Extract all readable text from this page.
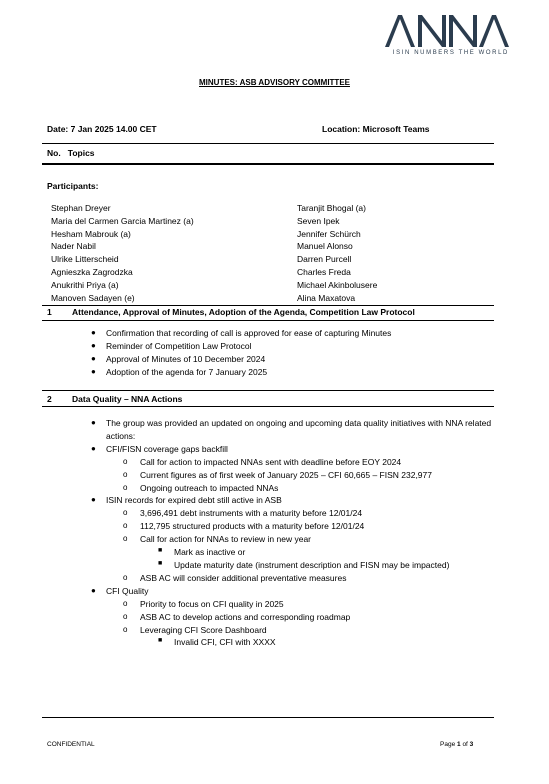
ISIN NUMBERS THE WORLD
MINUTES: ASB ADVISORY COMMITTEE
Date: 7 Jan 2025 14.00 CET	Location: Microsoft Teams
No.   Topics
Participants:
Stephan Dreyer
Maria del Carmen Garcia Martinez (a)
Hesham Mabrouk (a)
Nader Nabil
Ulrike Litterscheid
Agnieszka Zagrodzka
Anukrithi Priya (a)
Manoven Sadayen (e)
Taranjit Bhogal (a)
Seven Ipek
Jennifer Schürch
Manuel Alonso
Darren Purcell
Charles Freda
Michael Akinbolusere
Alina Maxatova
1 Attendance, Approval of Minutes, Adoption of the Agenda, Competition Law Protocol
● Confirmation that recording of call is approved for ease of capturing Minutes
● Reminder of Competition Law Protocol
● Approval of Minutes of 10 December 2024
● Adoption of the agenda for 7 January 2025
2 Data Quality – NNA Actions
● The group was provided an updated on ongoing and upcoming data quality initiatives with NNA related actions:
● CFI/FISN coverage gaps backfill
o Call for action to impacted NNAs sent with deadline before EOY 2024
o Current figures as of first week of January 2025 – CFI 60,665 – FISN 232,977
o Ongoing outreach to impacted NNAs
● ISIN records for expired debt still active in ASB
o 3,696,491 debt instruments with a maturity before 12/01/24
o 112,795 structured products with a maturity before 12/01/24
o Call for action for NNAs to review in new year
■ Mark as inactive or
■ Update maturity date (instrument description and FISN may be impacted)
o ASB AC will consider additional preventative measures
● CFI Quality
o Priority to focus on CFI quality in 2025
o ASB AC to develop actions and corresponding roadmap
o Leveraging CFI Score Dashboard
■ Invalid CFI, CFI with XXXX
CONFIDENTIAL	Page 1 of 3
